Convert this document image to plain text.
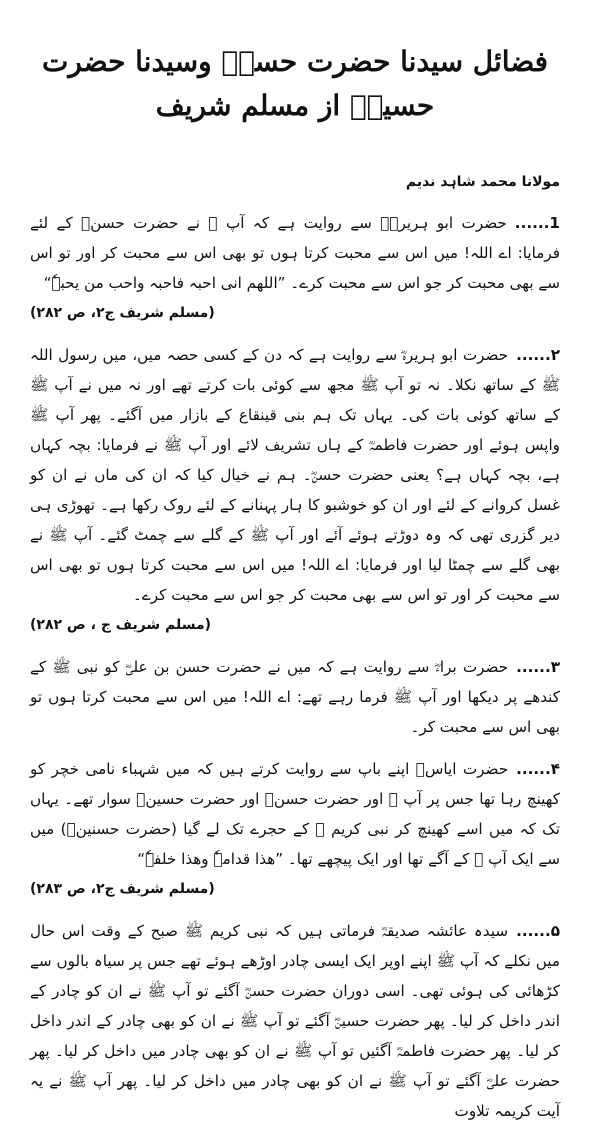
فضائل سیدنا حضرت حسنؓ وسیدنا حضرت حسینؓ از مسلم شریف
مولانا محمد شاہد ندیم

1......حضرت ابو ہریرہؓ سے روایت ہے کہ آپ ﷺ نے حضرت حسنؓ کے لئے فرمایا: اے اللہ! میں اس سے محبت کرتا ہوں تو بھی اس سے محبت کر اور تو اس سے بھی محبت کر جو اس سے محبت کرے۔ ”اللھم انی احبہ فاحبہ واحب من یحبہٗ“
(مسلم شریف ج۲، ص ۲۸۲)

۲......حضرت ابو ہریرہؓ سے روایت ہے کہ دن کے کسی حصہ میں، میں رسول اللہ ﷺ کے ساتھ نکلا۔ نہ تو آپ ﷺ مجھ سے کوئی بات کرتے تھے اور نہ میں نے آپ ﷺ کے ساتھ کوئی بات کی۔ یہاں تک ہم بنی قینقاع کے بازار میں آگئے۔ پھر آپ ﷺ واپس ہوئے اور حضرت فاطمہؓ کے ہاں تشریف لائے اور آپ ﷺ نے فرمایا: بچہ کہاں ہے، بچہ کہاں ہے؟ یعنی حضرت حسنؓ۔ ہم نے خیال کیا کہ ان کی ماں نے ان کو غسل کروانے کے لئے اور ان کو خوشبو کا ہار پہنانے کے لئے روک رکھا ہے۔ تھوڑی ہی دیر گزری تھی کہ وہ دوڑتے ہوئے آئے اور آپ ﷺ کے گلے سے چمٹ گئے۔ آپ ﷺ نے بھی گلے سے چمٹا لیا اور فرمایا: اے اللہ! میں اس سے محبت کرتا ہوں تو بھی اس سے محبت کر اور تو اس سے بھی محبت کر جو اس سے محبت کرے۔
(مسلم شریف ج ، ص ۲۸۲)

۳......حضرت براءؓ سے روایت ہے کہ میں نے حضرت حسن بن علیؓ کو نبی ﷺ کے کندھے پر دیکھا اور آپ ﷺ فرما رہے تھے: اے اللہ! میں اس سے محبت کرتا ہوں تو بھی اس سے محبت کر۔

۴......حضرت ایاسؒ اپنے باپ سے روایت کرتے ہیں کہ میں شہباء نامی خچر کو کھینچ رہا تھا جس پر آپ ﷺ اور حضرت حسنؓ اور حضرت حسینؓ سوار تھے۔ یہاں تک کہ میں اسے کھینچ کر نبی کریم ﷺ کے حجرے تک لے گیا (حضرت حسنینؓ) میں سے ایک آپ ﷺ کے آگے تھا اور ایک پیچھے تھا۔ ”ھذا قدامہٗ وھذا خلفہٗ“
(مسلم شریف ج۲، ص ۲۸۳)

۵......سیدہ عائشہ صدیقہؓ فرماتی ہیں کہ نبی کریم ﷺ صبح کے وقت اس حال میں نکلے کہ آپ ﷺ اپنے اوپر ایک ایسی چادر اوڑھے ہوئے تھے جس پر سیاہ بالوں سے کڑھائی کی ہوئی تھی۔ اسی دوران حضرت حسنؓ آگئے تو آپ ﷺ نے ان کو چادر کے اندر داخل کر لیا۔ پھر حضرت حسینؓ آگئے تو آپ ﷺ نے ان کو بھی چادر کے اندر داخل کر لیا۔ پھر حضرت فاطمہؓ آگئیں تو آپ ﷺ نے ان کو بھی چادر میں داخل کر لیا۔ پھر حضرت علیؓ آگئے تو آپ ﷺ نے ان کو بھی چادر میں داخل کر لیا۔ پھر آپ ﷺ نے یہ آیت کریمہ تلاوت
